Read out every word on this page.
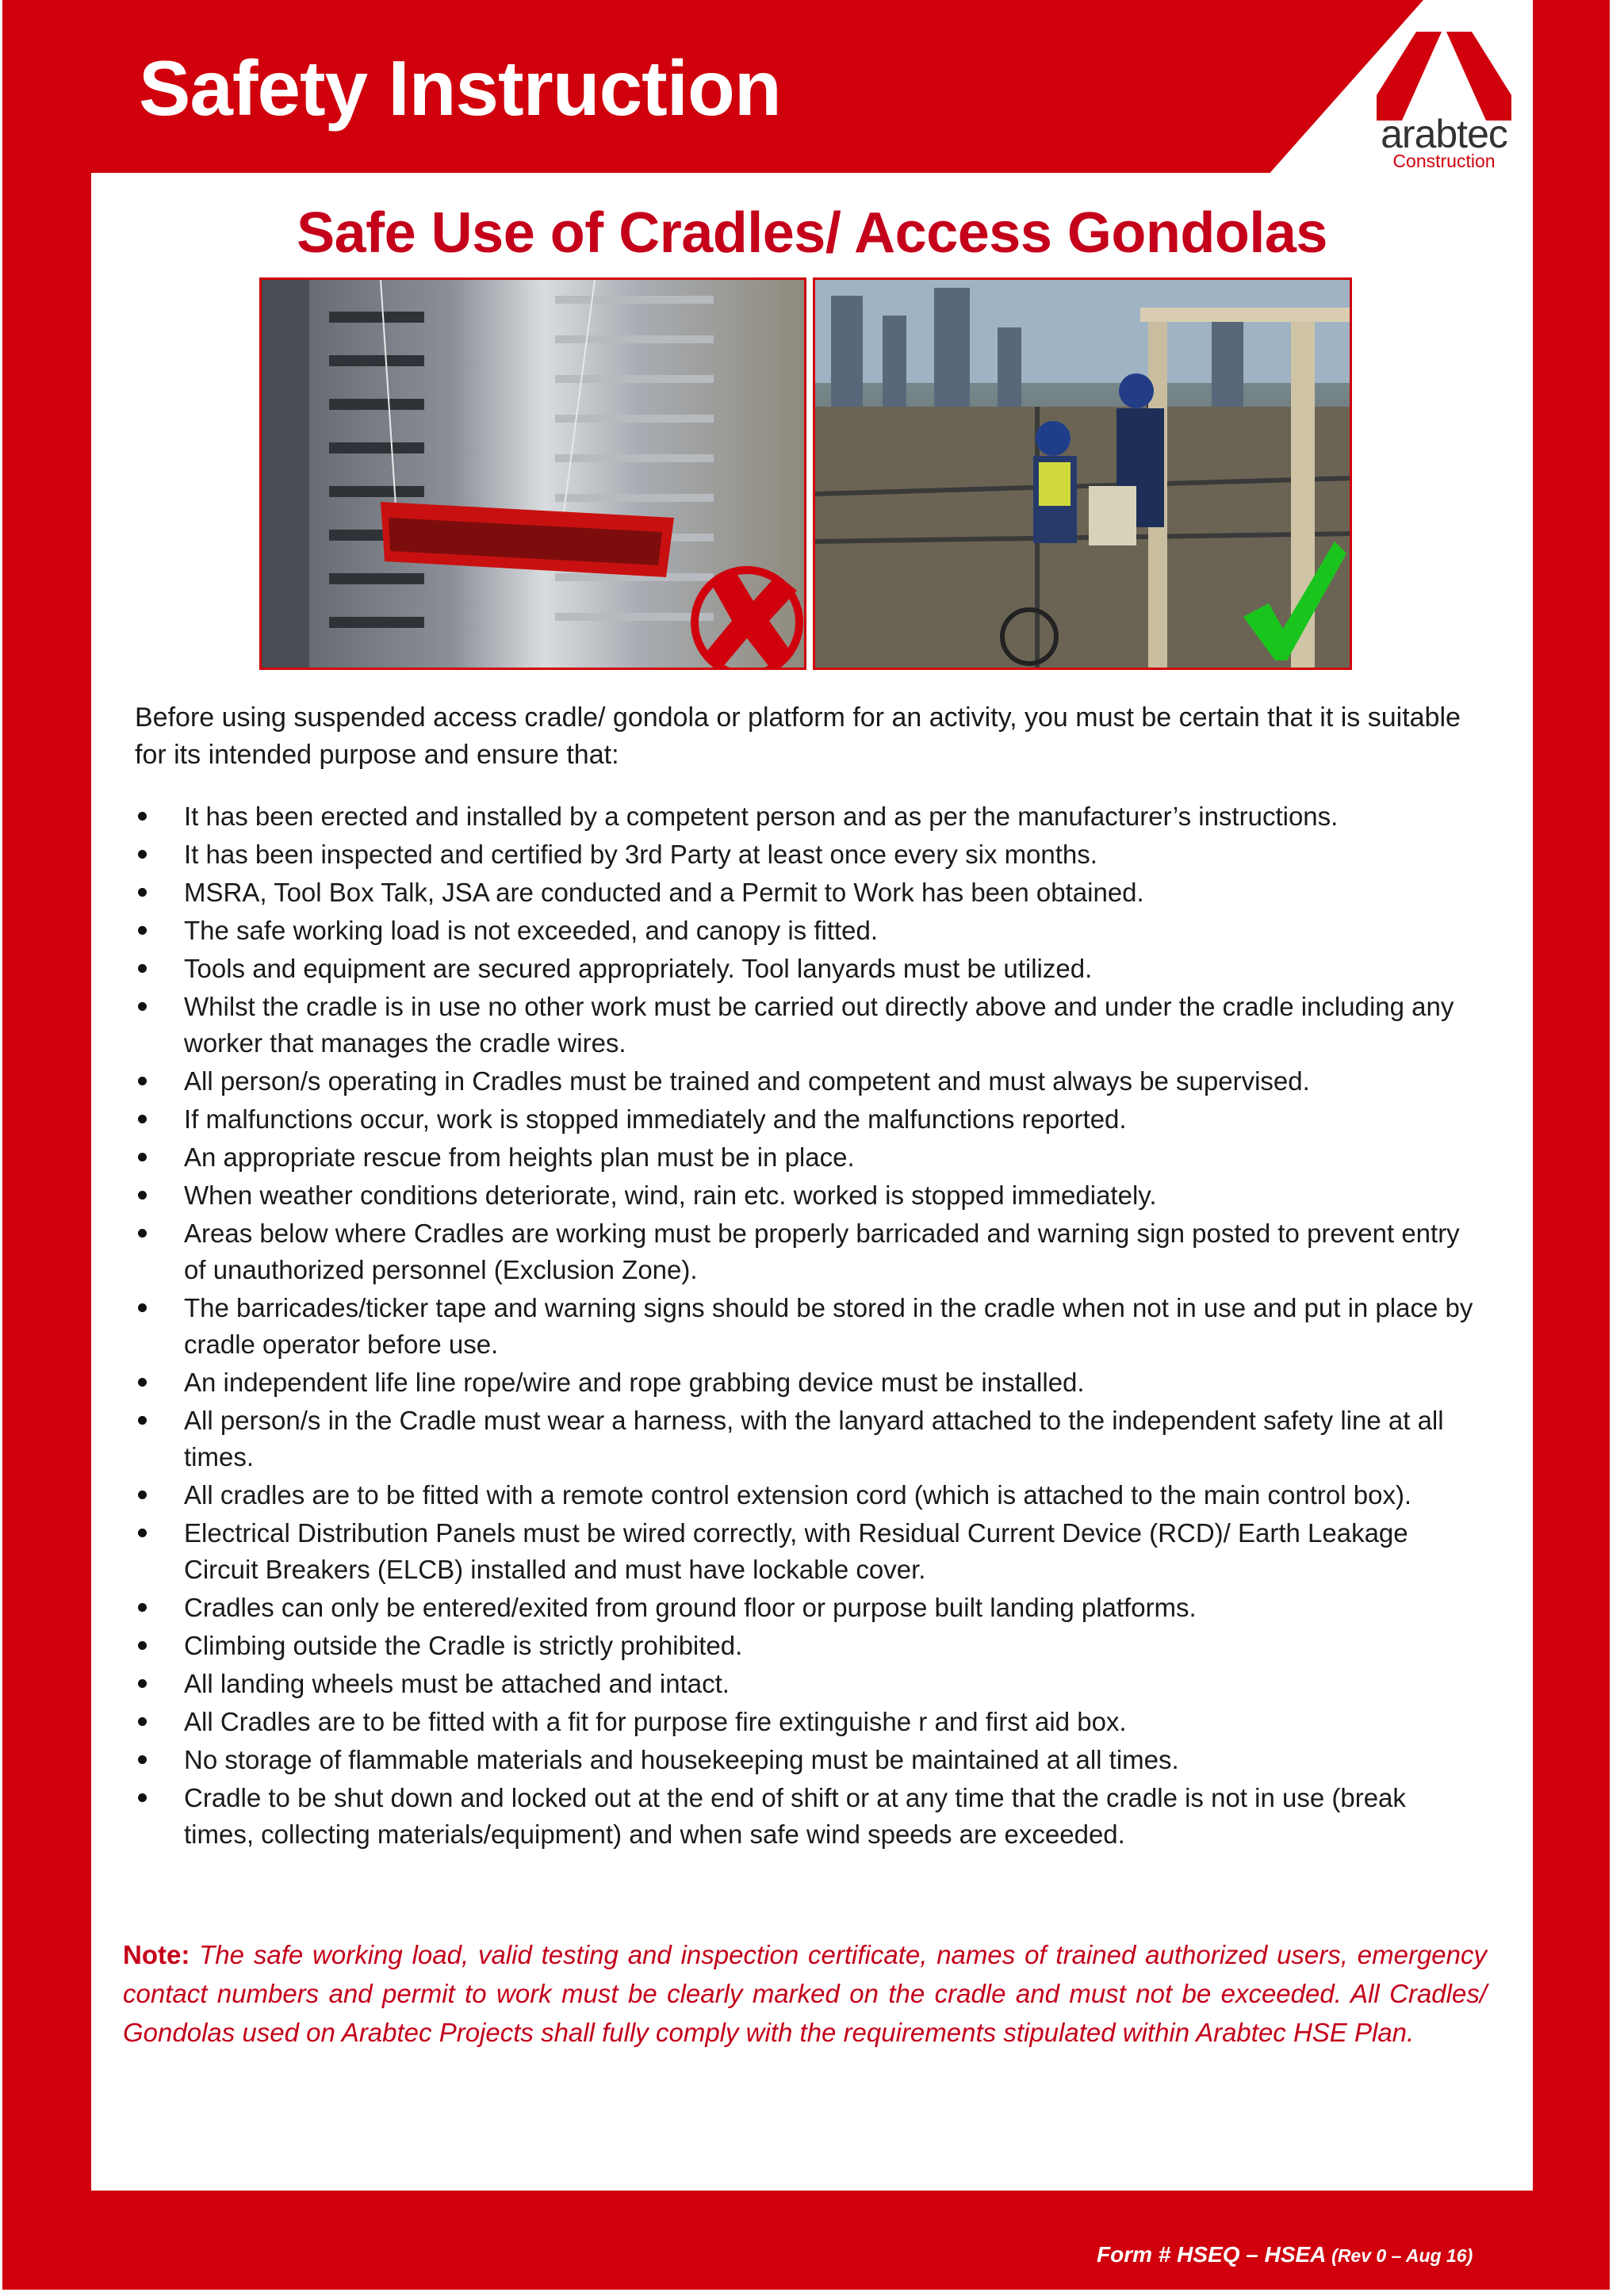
Safety Instruction
arabtec
Construction
Safe Use of Cradles/ Access Gondolas
Before using suspended access cradle/ gondola or platform for an activity, you must be certain that it is suitable for its intended purpose and ensure that:
It has been erected and installed by a competent person and as per the manufacturer’s instructions.
It has been inspected and certified by 3rd Party at least once every six months.
MSRA, Tool Box Talk, JSA are conducted and a Permit to Work has been obtained.
The safe working load is not exceeded, and canopy is fitted.
Tools and equipment are secured appropriately. Tool lanyards must be utilized.
Whilst the cradle is in use no other work must be carried out directly above and under the cradle including any worker that manages the cradle wires.
All person/s operating in Cradles must be trained and competent and must always be supervised.
If malfunctions occur, work is stopped immediately and the malfunctions reported.
An appropriate rescue from heights plan must be in place.
When weather conditions deteriorate, wind, rain etc. worked is stopped immediately.
Areas below where Cradles are working must be properly barricaded and warning sign posted to prevent entry of unauthorized personnel (Exclusion Zone).
The barricades/ticker tape and warning signs should be stored in the cradle when not in use and put in place by cradle operator before use.
An independent life line rope/wire and rope grabbing device must be installed.
All person/s in the Cradle must wear a harness, with the lanyard attached to the independent safety line at all times.
All cradles are to be fitted with a remote control extension cord (which is attached to the main control box).
Electrical Distribution Panels must be wired correctly, with Residual Current Device (RCD)/ Earth Leakage Circuit Breakers (ELCB) installed and must have lockable cover.
Cradles can only be entered/exited from ground floor or purpose built landing platforms.
Climbing outside the Cradle is strictly prohibited.
All landing wheels must be attached and intact.
All Cradles are to be fitted with a fit for purpose fire extinguishe r and first aid box.
No storage of flammable materials and housekeeping must be maintained at all times.
Cradle to be shut down and locked out at the end of shift or at any time that the cradle is not in use (break times, collecting materials/equipment) and when safe wind speeds are exceeded.
Note: The safe working load, valid testing and inspection certificate, names of trained authorized users, emergency contact numbers and permit to work must be clearly marked on the cradle and must not be exceeded. All Cradles/ Gondolas used on Arabtec Projects shall fully comply with the requirements stipulated within Arabtec HSE Plan.
Form # HSEQ – HSEA (Rev 0 – Aug 16)
